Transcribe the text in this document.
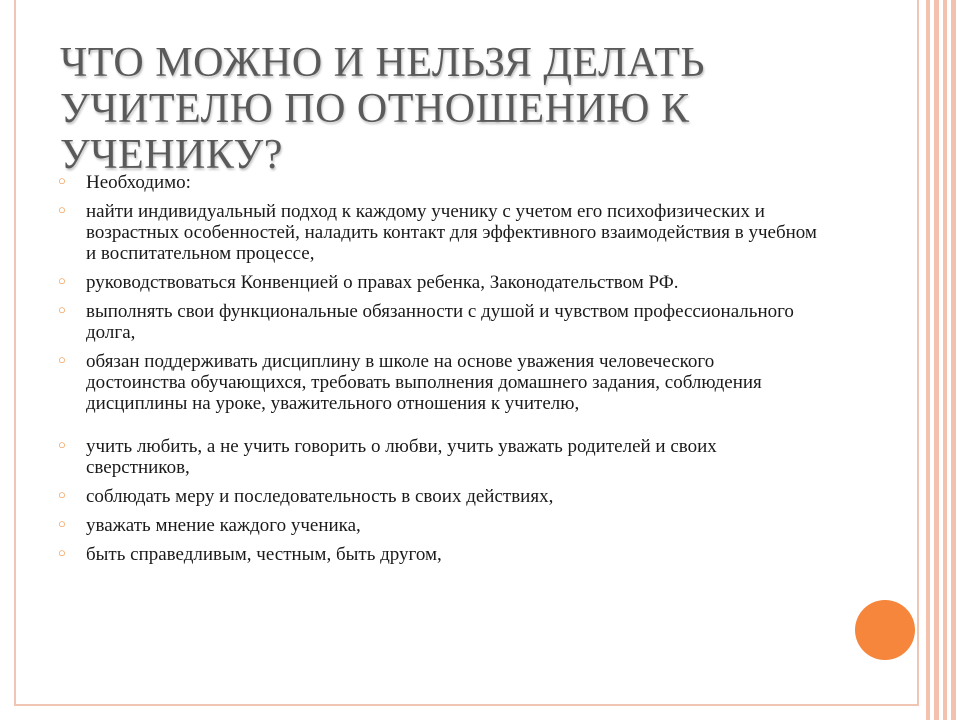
ЧТО МОЖНО И НЕЛЬЗЯ ДЕЛАТЬ
УЧИТЕЛЮ ПО ОТНОШЕНИЮ К
УЧЕНИКУ?
○
Необходимо:
○
найти индивидуальный подход к каждому ученику с учетом его психофизических и возрастных особенностей, наладить контакт для эффективного взаимодействия в учебном и воспитательном процессе,
○
руководствоваться Конвенцией о правах ребенка, Законодательством РФ.
○
выполнять свои функциональные обязанности с душой и чувством профессионального долга,
○
обязан поддерживать дисциплину в школе на основе уважения человеческого достоинства обучающихся, требовать выполнения домашнего задания, соблюдения дисциплины на уроке, уважительного отношения к учителю,
○
учить любить, а не учить говорить о любви, учить уважать родителей и своих сверстников,
○
соблюдать меру и последовательность в своих действиях,
○
уважать мнение каждого ученика,
○
быть справедливым, честным, быть другом,
